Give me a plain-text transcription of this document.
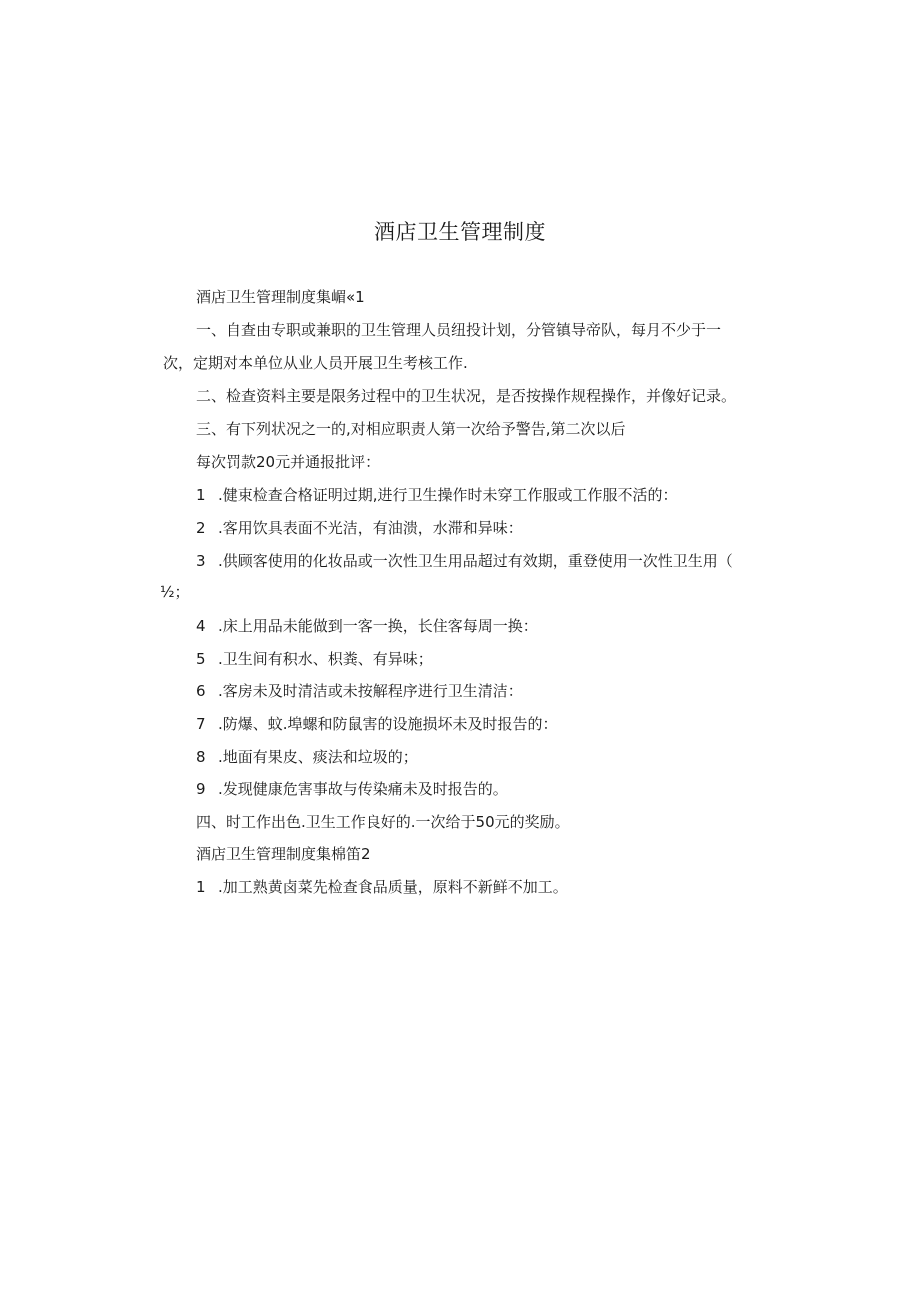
酒店卫生管理制度
酒店卫生管理制度集嵋«1
一、自查由专职或兼职的卫生管理人员纽投计划，分管镇导帝队，每月不少于一
次，定期对本单位从业人员开展卫生考核工作.
二、检查资料主要是限务过程中的卫生状况，是否按操作规程操作，并像好记录。
三、有下列状况之一的,对相应职责人第一次给予警告,第二次以后
每次罚款20元并通报批评：
1 .健束检查合格证明过期,进行卫生操作时未穿工作服或工作服不活的：
2 .客用饮具表面不光洁，有油溃，水滞和异味：
3 .供顾客使用的化妆品或一次性卫生用品超过有效期，重登使用一次性卫生用（
½；
4 .床上用品未能做到一客一换，长住客每周一换：
5 .卫生间有积水、枳粪、有异味；
6 .客房未及时清洁或未按解程序进行卫生清洁：
7 .防爆、蚊.埠螺和防鼠害的设施损坏未及时报告的：
8 .地面有果皮、痰法和垃圾的；
9 .发现健康危害事故与传染痛未及时报告的。
四、时工作出色.卫生工作良好的.一次给于50元的奖励。
酒店卫生管理制度集棉笛2
1 .加工熟黄卤菜先检查食品质量，原料不新鲜不加工。
